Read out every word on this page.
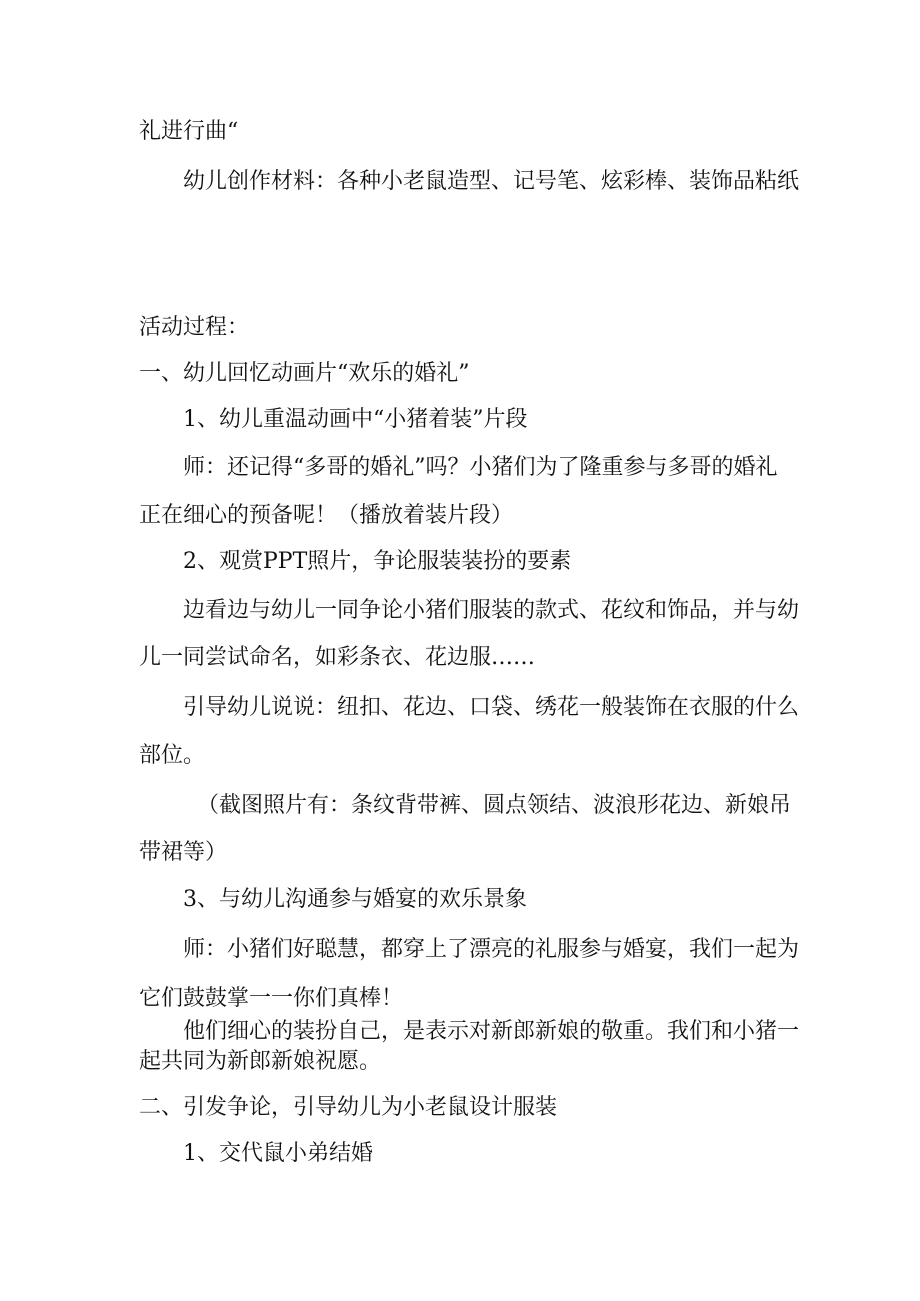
礼进行曲“
幼儿创作材料：各种小老鼠造型、记号笔、炫彩棒、装饰品粘纸
活动过程：
一、幼儿回忆动画片“欢乐的婚礼”
1、幼儿重温动画中“小猪着装”片段
师：还记得“多哥的婚礼”吗？小猪们为了隆重参与多哥的婚礼
正在细心的预备呢！（播放着装片段）
2、观赏PPT照片，争论服装装扮的要素
边看边与幼儿一同争论小猪们服装的款式、花纹和饰品，并与幼
儿一同尝试命名，如彩条衣、花边服……
引导幼儿说说：纽扣、花边、口袋、绣花一般装饰在衣服的什么
部位。
（截图照片有：条纹背带裤、圆点领结、波浪形花边、新娘吊
带裙等）
3、与幼儿沟通参与婚宴的欢乐景象
师：小猪们好聪慧，都穿上了漂亮的礼服参与婚宴，我们一起为
它们鼓鼓掌一一你们真棒！
他们细心的装扮自己，是表示对新郎新娘的敬重。我们和小猪一
起共同为新郎新娘祝愿。
二、引发争论，引导幼儿为小老鼠设计服装
1、交代鼠小弟结婚
